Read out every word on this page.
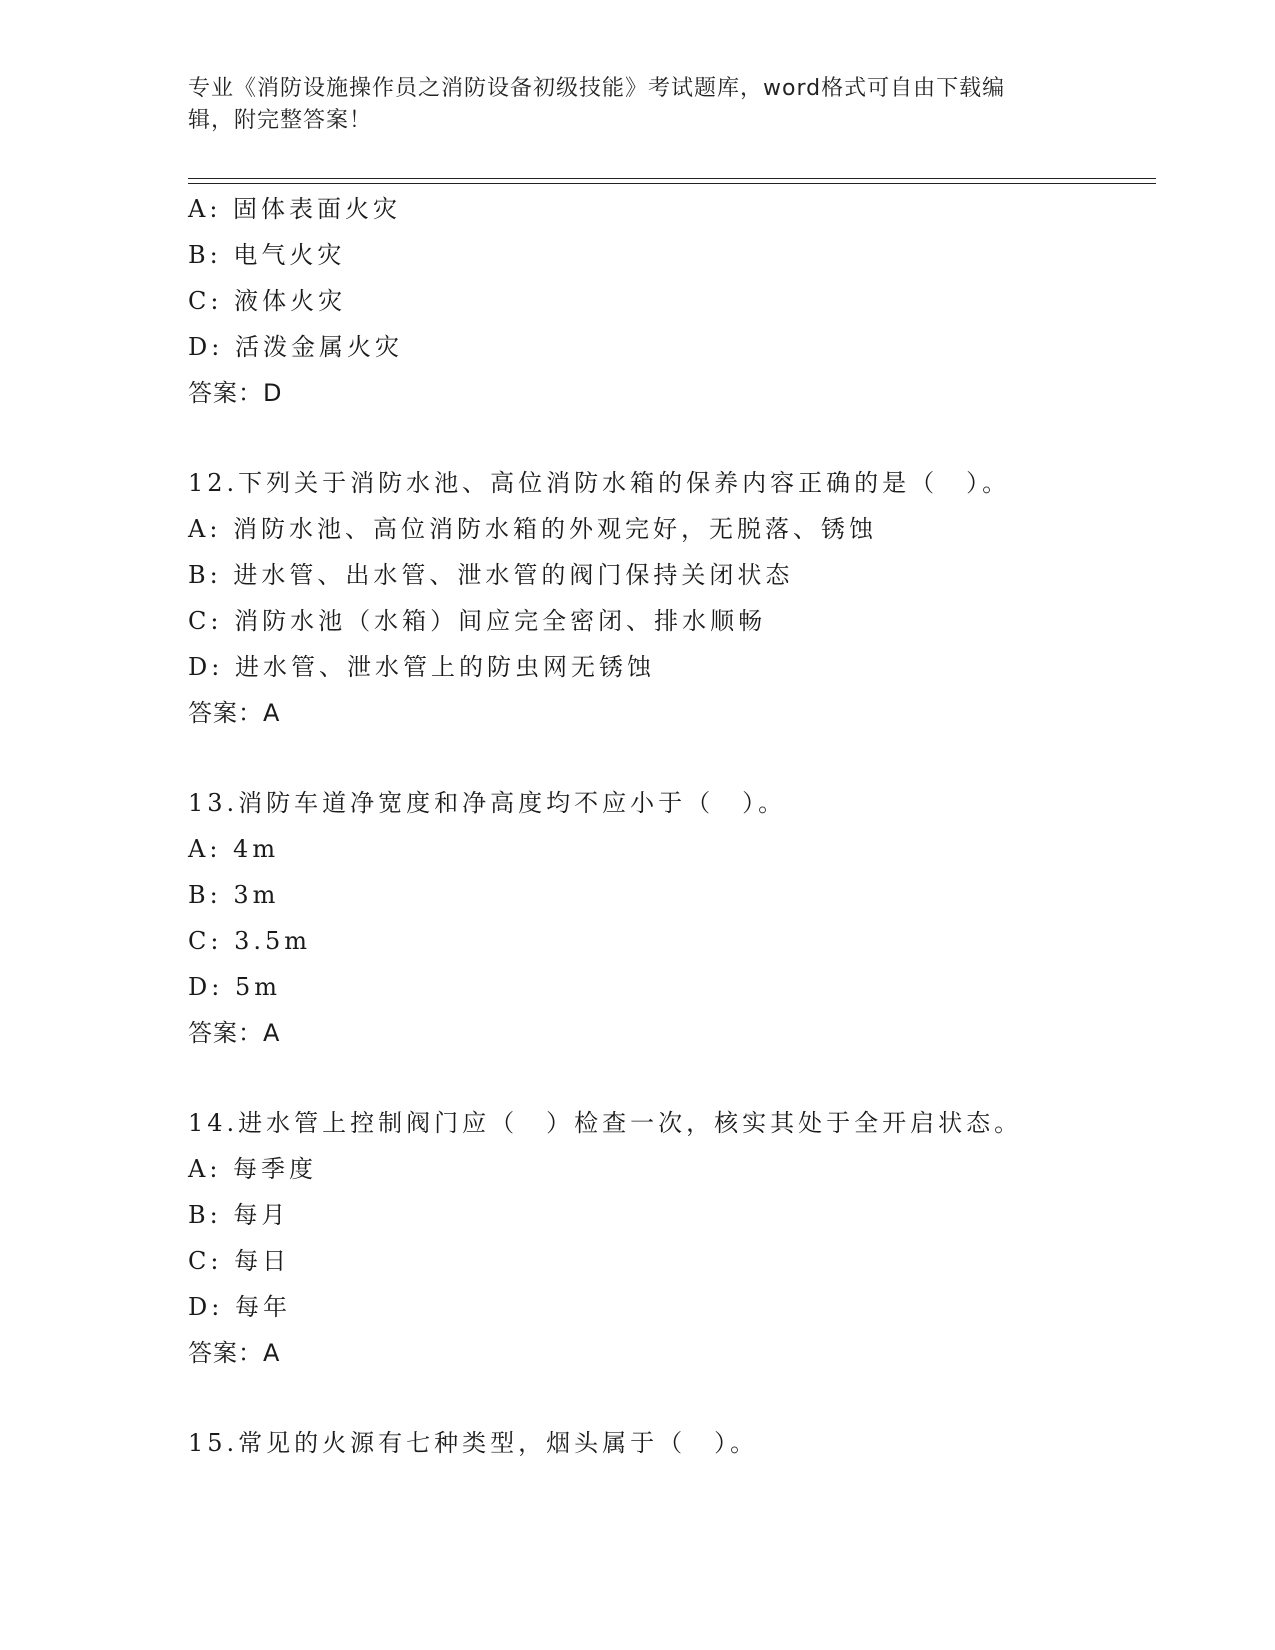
专业《消防设施操作员之消防设备初级技能》考试题库，word格式可自由下载编
辑，附完整答案！
A: 固体表面火灾
B: 电气火灾
C: 液体火灾
D: 活泼金属火灾
答案：D
12.下列关于消防水池、高位消防水箱的保养内容正确的是（　）。
A: 消防水池、高位消防水箱的外观完好，无脱落、锈蚀
B: 进水管、出水管、泄水管的阀门保持关闭状态
C: 消防水池（水箱）间应完全密闭、排水顺畅
D: 进水管、泄水管上的防虫网无锈蚀
答案：A
13.消防车道净宽度和净高度均不应小于（　）。
A: 4m
B: 3m
C: 3.5m
D: 5m
答案：A
14.进水管上控制阀门应（　）检查一次，核实其处于全开启状态。
A: 每季度
B: 每月
C: 每日
D: 每年
答案：A
15.常见的火源有七种类型，烟头属于（　）。
